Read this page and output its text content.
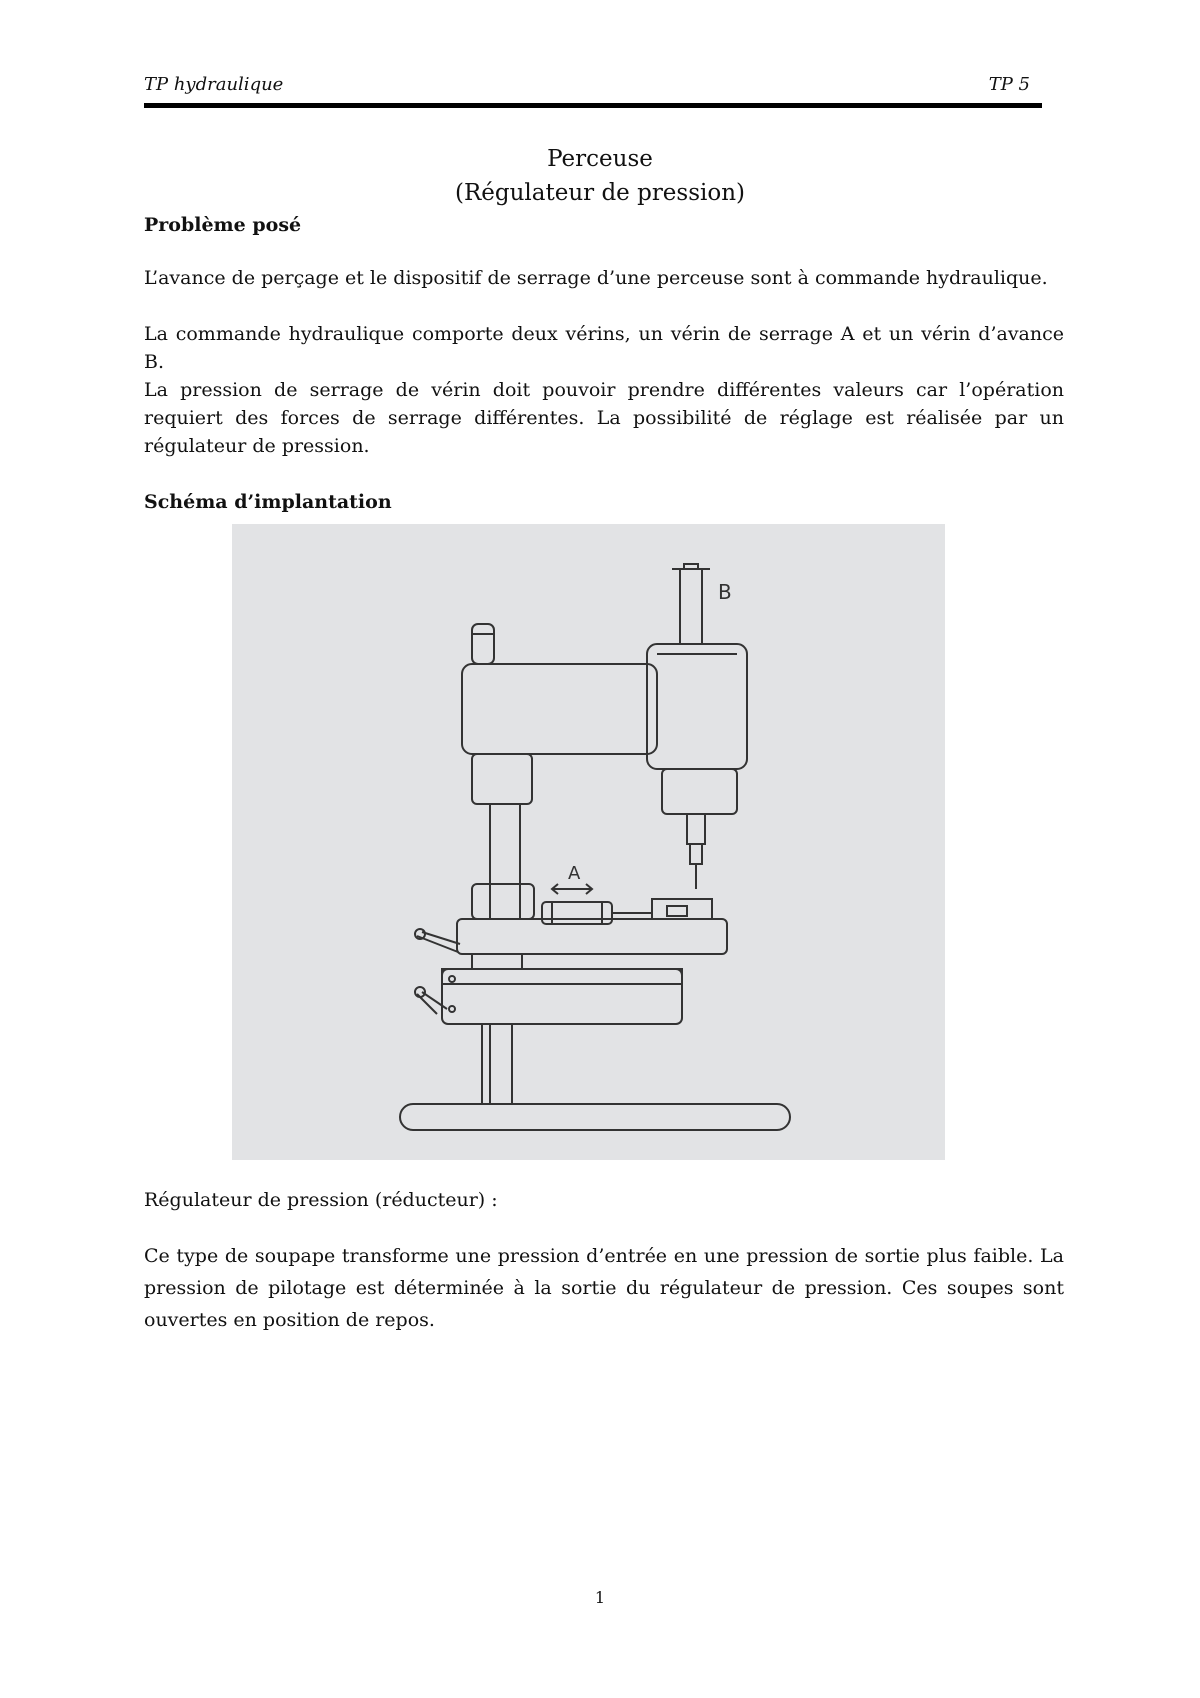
TP hydraulique	TP 5
Perceuse
(Régulateur de pression)
Problème posé
L’avance de perçage et le dispositif de serrage d’une perceuse sont à commande hydraulique.
La commande hydraulique comporte deux vérins, un vérin de serrage A et un vérin d’avance B.
La pression de serrage de vérin doit pouvoir prendre différentes valeurs car l’opération requiert des forces de serrage différentes. La possibilité de réglage est réalisée par un régulateur de pression.
Schéma d’implantation
A
B
Régulateur de pression (réducteur) :
Ce type de soupape transforme une pression d’entrée en une pression de sortie plus faible. La pression de pilotage est déterminée à la sortie du régulateur de pression. Ces soupes sont ouvertes en position de repos.
1
